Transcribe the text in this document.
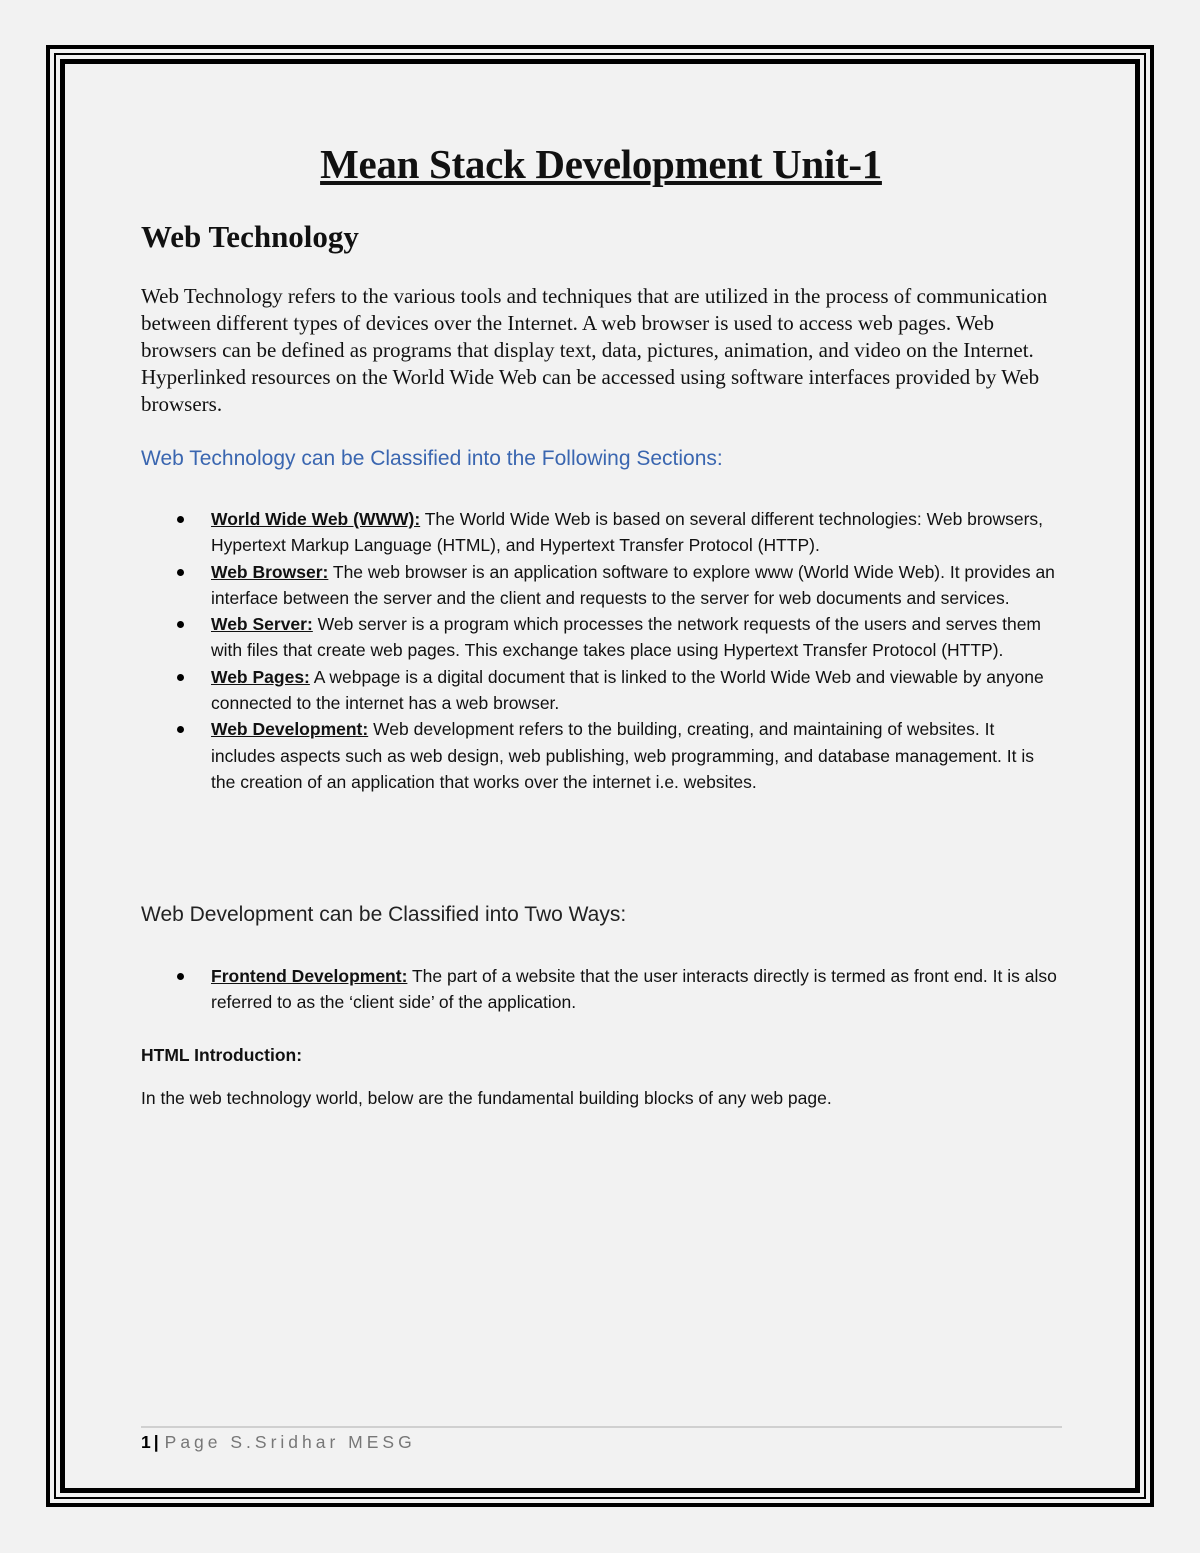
Mean Stack Development Unit-1
Web Technology

Web Technology refers to the various tools and techniques that are utilized in the process of communication between different types of devices over the Internet. A web browser is used to access web pages. Web browsers can be defined as programs that display text, data, pictures, animation, and video on the Internet. Hyperlinked resources on the World Wide Web can be accessed using software interfaces provided by Web browsers.

Web Technology can be Classified into the Following Sections:
World Wide Web (WWW): The World Wide Web is based on several different technologies: Web browsers, Hypertext Markup Language (HTML), and Hypertext Transfer Protocol (HTTP).
Web Browser: The web browser is an application software to explore www (World Wide Web). It provides an interface between the server and the client and requests to the server for web documents and services.
Web Server: Web server is a program which processes the network requests of the users and serves them with files that create web pages. This exchange takes place using Hypertext Transfer Protocol (HTTP).
Web Pages: A webpage is a digital document that is linked to the World Wide Web and viewable by anyone connected to the internet has a web browser.
Web Development: Web development refers to the building, creating, and maintaining of websites. It includes aspects such as web design, web publishing, web programming, and database management. It is the creation of an application that works over the internet i.e. websites.
Web Development can be Classified into Two Ways:
Frontend Development: The part of a website that the user interacts directly is termed as front end. It is also referred to as the ‘client side’ of the application.
HTML Introduction:

In the web technology world, below are the fundamental building blocks of any web page.

1 | Page S.Sridhar MESG
